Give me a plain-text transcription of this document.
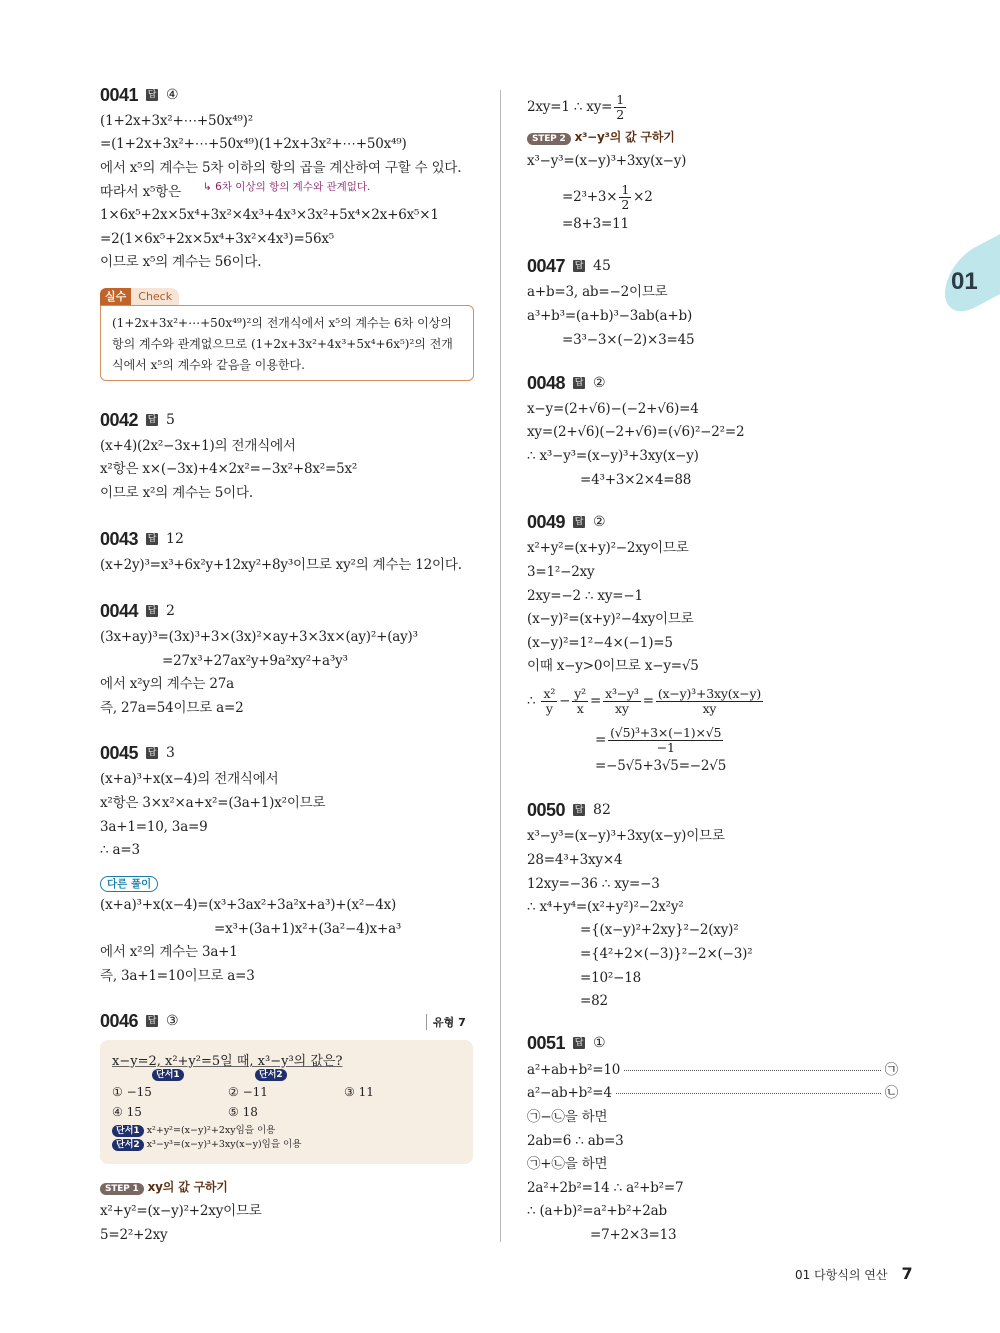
01
0041 답 ④
(1+2x+3x²+⋯+50x⁴⁹)²
=(1+2x+3x²+⋯+50x⁴⁹)(1+2x+3x²+⋯+50x⁴⁹)
에서 x⁵의 계수는 5차 이하의 항의 곱을 계산하여 구할 수 있다.
따라서 x⁵항은
1×6x⁵+2x×5x⁴+3x²×4x³+4x³×3x²+5x⁴×2x+6x⁵×1
=2(1×6x⁵+2x×5x⁴+3x²×4x³)=56x⁵
이므로 x⁵의 계수는 56이다.
↳ 6차 이상의 항의 계수와 관계없다.
실수	Check
(1+2x+3x²+⋯+50x⁴⁹)²의 전개식에서 x⁵의 계수는 6차 이상의 항의 계수와 관계없으므로 (1+2x+3x²+4x³+5x⁴+6x⁵)²의 전개식에서 x⁵의 계수와 같음을 이용한다.
0042 답 5
(x+4)(2x²−3x+1)의 전개식에서
x²항은 x×(−3x)+4×2x²=−3x²+8x²=5x²
이므로 x²의 계수는 5이다.
0043 답 12
(x+2y)³=x³+6x²y+12xy²+8y³이므로 xy²의 계수는 12이다.
0044 답 2
(3x+ay)³=(3x)³+3×(3x)²×ay+3×3x×(ay)²+(ay)³
=27x³+27ax²y+9a²xy²+a³y³
에서 x²y의 계수는 27a
즉, 27a=54이므로 a=2
0045 답 3
(x+a)³+x(x−4)의 전개식에서
x²항은 3×x²×a+x²=(3a+1)x²이므로
3a+1=10, 3a=9
∴ a=3
다른 풀이
(x+a)³+x(x−4)=(x³+3ax²+3a²x+a³)+(x²−4x)
=x³+(3a+1)x²+(3a²−4)x+a³
에서 x²의 계수는 3a+1
즉, 3a+1=10이므로 a=3
0046 답 ③	유형 7
x−y=2, x²+y²=5일 때, x³−y³의 값은?
단서1	단서2
① −15	② −11	③ 11
④ 15	⑤ 18
단서1 x²+y²=(x−y)²+2xy임을 이용
단서2 x³−y³=(x−y)³+3xy(x−y)임을 이용
STEP 1 xy의 값 구하기
x²+y²=(x−y)²+2xy이므로
5=2²+2xy
2xy=1 ∴ $xy= \frac{1}{2}$
STEP 2 x³−y³의 값 구하기
x³−y³=(x−y)³+3xy(x−y)
$=2^3+3\times \frac{1}{2} \times 2$
=8+3=11
0047 답 45
a+b=3, ab=−2이므로
a³+b³=(a+b)³−3ab(a+b)
=3³−3×(−2)×3=45
0048 답 ②
x−y=(2+√6)−(−2+√6)=4
xy=(2+√6)(−2+√6)=(√6)²−2²=2
∴ x³−y³=(x−y)³+3xy(x−y)
=4³+3×2×4=88
0049 답 ②
x²+y²=(x+y)²−2xy이므로
3=1²−2xy
2xy=−2 ∴ xy=−1
(x−y)²=(x+y)²−4xy이므로
(x−y)²=1²−4×(−1)=5
이때 x−y>0이므로 x−y=√5
∴ $\frac{\text{x²}}{y} - \frac{\text{y²}}{x} = \frac{\text{x³−y³}}{xy} = \frac{\text{(x−y)³+3xy(x−y)}}{xy}$
= $\frac{\text{(√5)³+3×(−1)×√5}}{-1}$
=−5√5+3√5=−2√5
0050 답 82
x³−y³=(x−y)³+3xy(x−y)이므로
28=4³+3xy×4
12xy=−36 ∴ xy=−3
∴ x⁴+y⁴=(x²+y²)²−2x²y²
={(x−y)²+2xy}²−2(xy)²
={4²+2×(−3)}²−2×(−3)²
=10²−18
=82
0051 답 ①
a²+ab+b²=10	㉠
a²−ab+b²=4	㉡
㉠−㉡을 하면
2ab=6 ∴ ab=3
㉠+㉡을 하면
2a²+2b²=14 ∴ a²+b²=7
∴ (a+b)²=a²+b²+2ab
=7+2×3=13
01 다항식의 연산 7
